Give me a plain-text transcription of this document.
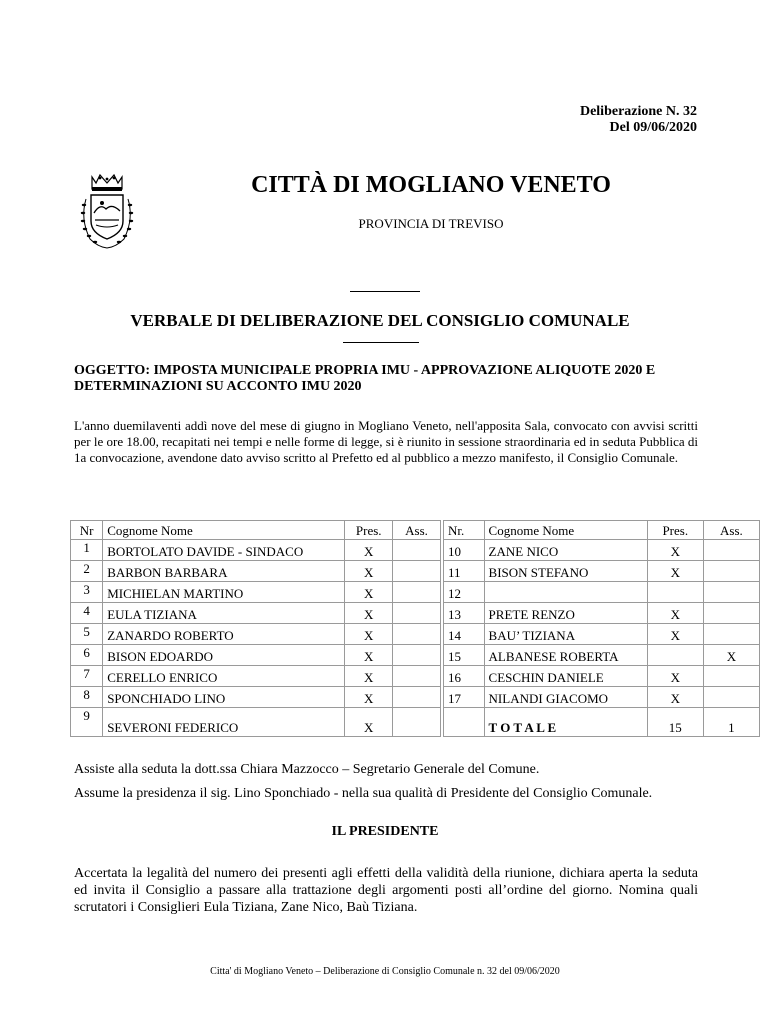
Deliberazione N. 32
Del 09/06/2020
CITTÀ DI MOGLIANO VENETO
PROVINCIA DI TREVISO
VERBALE DI DELIBERAZIONE DEL CONSIGLIO COMUNALE
OGGETTO: IMPOSTA MUNICIPALE PROPRIA IMU - APPROVAZIONE ALIQUOTE 2020 E DETERMINAZIONI SU ACCONTO IMU 2020
L'anno duemilaventi addì nove del mese di giugno in Mogliano Veneto, nell'apposita Sala, convocato con avvisi scritti per le ore 18.00, recapitati nei tempi e nelle forme di legge, si è riunito in sessione straordinaria ed in seduta Pubblica di 1a convocazione, avendone dato avviso scritto al Prefetto ed al pubblico a mezzo manifesto, il Consiglio Comunale.
Nr	Cognome Nome	Pres.	Ass.		Nr.	Cognome Nome	Pres.	Ass.
1	BORTOLATO DAVIDE - SINDACO	X			10	ZANE NICO	X	
2	BARBON BARBARA	X			11	BISON STEFANO	X	
3	MICHIELAN MARTINO	X			12			
4	EULA TIZIANA	X			13	PRETE RENZO	X	
5	ZANARDO ROBERTO	X			14	BAU’ TIZIANA	X	
6	BISON EDOARDO	X			15	ALBANESE ROBERTA		X
7	CERELLO ENRICO	X			16	CESCHIN DANIELE	X	
8	SPONCHIADO LINO	X			17	NILANDI GIACOMO	X	
9	SEVERONI FEDERICO	X				T O T A L E	15	1
Assiste alla seduta la dott.ssa Chiara Mazzocco – Segretario Generale del Comune.
Assume la presidenza il sig. Lino Sponchiado - nella sua qualità di Presidente del Consiglio Comunale.
IL PRESIDENTE
Accertata la legalità del numero dei presenti agli effetti della validità della riunione, dichiara aperta la seduta ed invita il Consiglio a passare alla trattazione degli argomenti posti all’ordine del giorno. Nomina quali scrutatori i Consiglieri Eula Tiziana, Zane Nico, Baù Tiziana.
Citta' di Mogliano Veneto – Deliberazione di Consiglio Comunale n. 32 del 09/06/2020
